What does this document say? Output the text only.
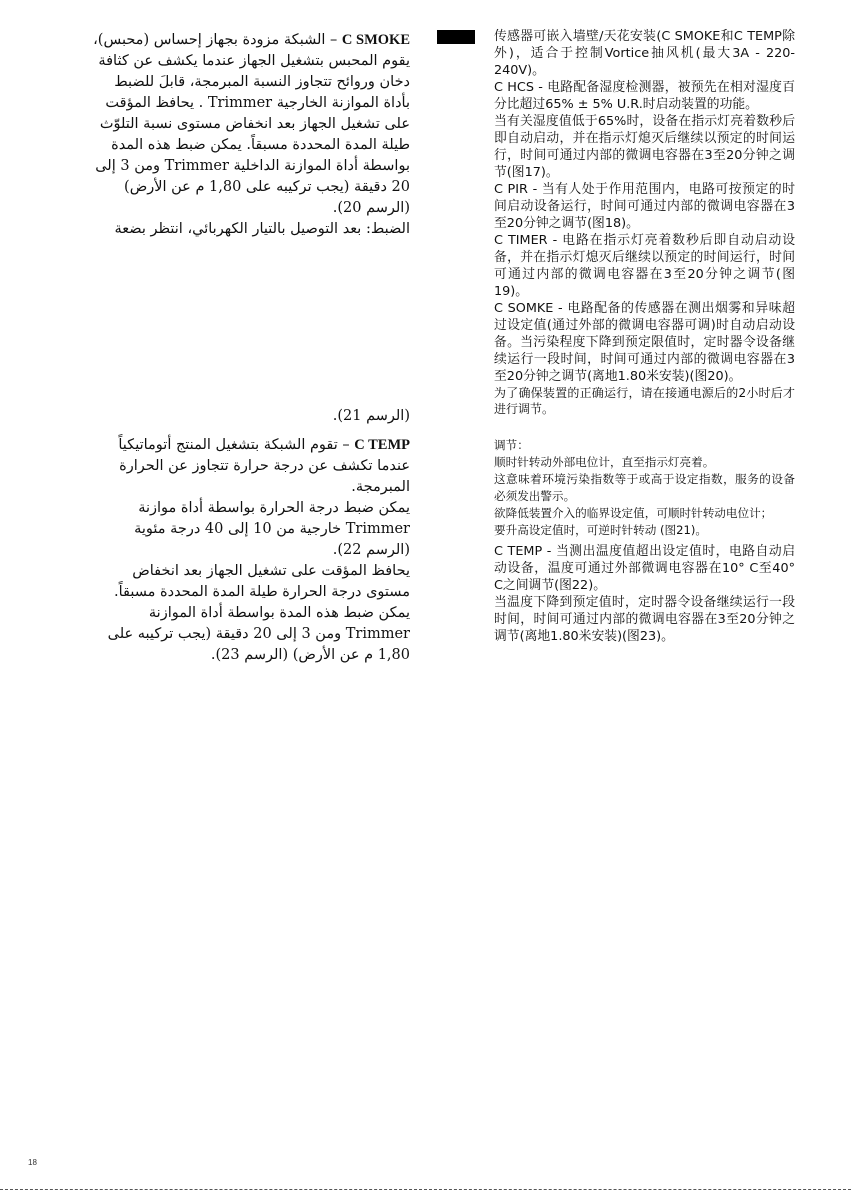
C SMOKE – الشبكة مزودة بجهاز إحساس (محبس)، يقوم المحبس بتشغيل الجهاز عندما يكشف عن كثافة دخان وروائح تتجاوز النسبة المبرمجة، قابلَ للضبط بأداة الموازنة الخارجية Trimmer . يحافظ المؤقت على تشغيل الجهاز بعد انخفاض مستوى نسبة التلوّث طيلة المدة المحددة مسبقاً. يمكن ضبط هذه المدة بواسطة أداة الموازنة الداخلية Trimmer ومن 3 إلى 20 دقيقة (يجب تركيبه على 1,80 م عن الأرض) (الرسم 20).

الضبط: بعد التوصيل بالتيار الكهربائي، انتظر بضعة

(الرسم 21).

C TEMP – تقوم الشبكة بتشغيل المنتج أتوماتيكياً عندما تكشف عن درجة حرارة تتجاوز عن الحرارة المبرمجة.

يمكن ضبط درجة الحرارة بواسطة أداة موازنة Trimmer خارجية من 10 إلى 40 درجة مئوية (الرسم 22).

يحافظ المؤقت على تشغيل الجهاز بعد انخفاض مستوى درجة الحرارة طيلة المدة المحددة مسبقاً. يمكن ضبط هذه المدة بواسطة أداة الموازنة Trimmer ومن 3 إلى 20 دقيقة (يجب تركيبه على 1,80 م عن الأرض) (الرسم 23).

传感器可嵌入墙壁/天花安装(C SMOKE和C TEMP除外)，适合于控制Vortice抽风机(最大3A - 220-240V)。

C HCS - 电路配备湿度检测器，被预先在相对湿度百分比超过65% ± 5% U.R.时启动装置的功能。

当有关湿度值低于65%时，设备在指示灯亮着数秒后即自动启动，并在指示灯熄灭后继续以预定的时间运行，时间可通过内部的微调电容器在3至20分钟之调节(图17)。

C PIR - 当有人处于作用范围内，电路可按预定的时间启动设备运行，时间可通过内部的微调电容器在3至20分钟之调节(图18)。

C TIMER - 电路在指示灯亮着数秒后即自动启动设备，并在指示灯熄灭后继续以预定的时间运行，时间可通过内部的微调电容器在3至20分钟之调节(图19)。

C SOMKE - 电路配备的传感器在测出烟雾和异味超过设定值(通过外部的微调电容器可调)时自动启动设备。当污染程度下降到预定限值时，定时器令设备继续运行一段时间，时间可通过内部的微调电容器在3至20分钟之调节(离地1.80米安装)(图20)。

为了确保装置的正确运行，请在接通电源后的2小时后才进行调节。

调节：

顺时针转动外部电位计，直至指示灯亮着。

这意味着环境污染指数等于或高于设定指数，服务的设备必须发出警示。

欲降低装置介入的临界设定值，可顺时针转动电位计；

要升高设定值时，可逆时针转动 (图21)。

C TEMP - 当测出温度值超出设定值时，电路自动启动设备，温度可通过外部微调电容器在10° C至40° C之间调节(图22)。

当温度下降到预定值时，定时器令设备继续运行一段时间，时间可通过内部的微调电容器在3至20分钟之调节(离地1.80米安装)(图23)。

18
